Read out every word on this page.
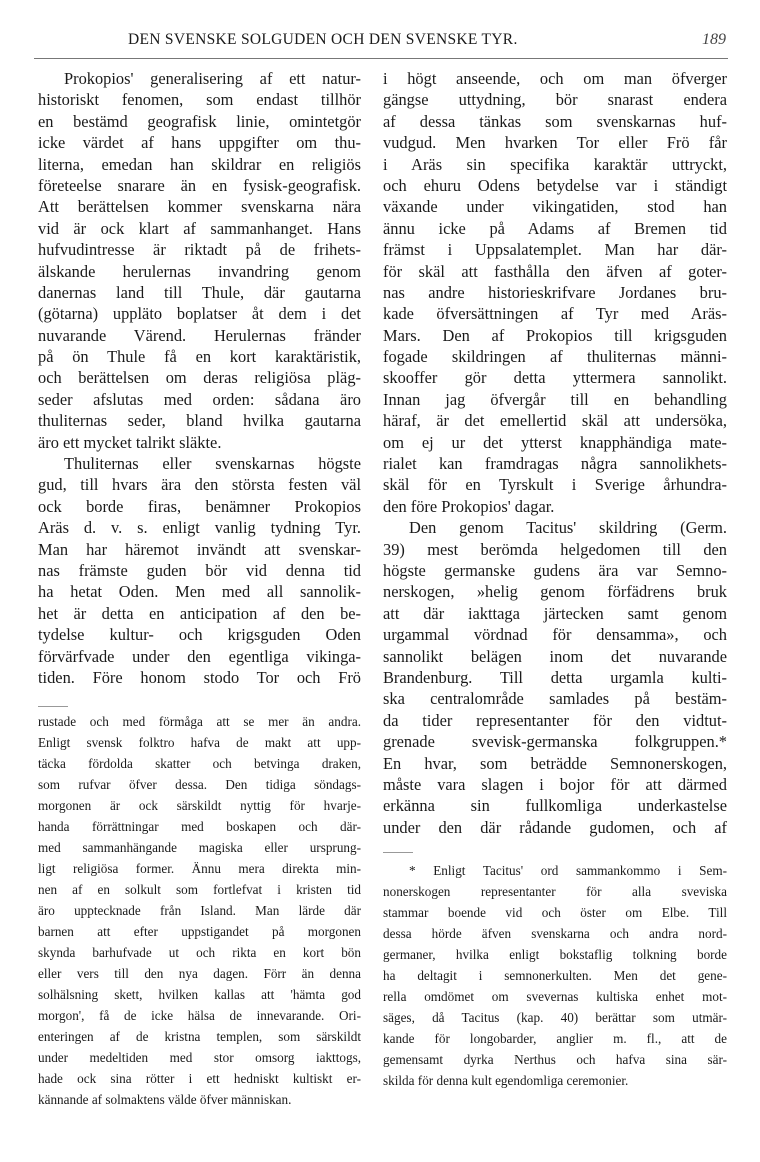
DEN SVENSKE SOLGUDEN OCH DEN SVENSKE TYR.	189
Prokopios' generalisering af ett natur-
historiskt fenomen, som endast tillhör
en bestämd geografisk linie, omintetgör
icke värdet af hans uppgifter om thu-
literna, emedan han skildrar en religiös
företeelse snarare än en fysisk-geografisk.
Att berättelsen kommer svenskarna nära
vid är ock klart af sammanhanget. Hans
hufvudintresse är riktadt på de frihets-
älskande herulernas invandring genom
danernas land till Thule, där gautarna
(götarna) uppläto boplatser åt dem i det
nuvarande Värend. Herulernas fränder
på ön Thule få en kort karaktäristik,
och berättelsen om deras religiösa pläg-
seder afslutas med orden: sådana äro
thuliternas seder, bland hvilka gautarna
äro ett mycket talrikt släkte.
Thuliternas eller svenskarnas högste
gud, till hvars ära den största festen väl
ock borde firas, benämner Prokopios
Aräs d. v. s. enligt vanlig tydning Tyr.
Man har häremot invändt att svenskar-
nas främste guden bör vid denna tid
ha hetat Oden. Men med all sannolik-
het är detta en anticipation af den be-
tydelse kultur- och krigsguden Oden
förvärfvade under den egentliga vikinga-
tiden. Före honom stodo Tor och Frö
rustade och med förmåga att se mer än andra.
Enligt svensk folktro hafva de makt att upp-
täcka fördolda skatter och betvinga draken,
som rufvar öfver dessa. Den tidiga söndags-
morgonen är ock särskildt nyttig för hvarje-
handa förrättningar med boskapen och där-
med sammanhängande magiska eller ursprung-
ligt religiösa former. Ännu mera direkta min-
nen af en solkult som fortlefvat i kristen tid
äro upptecknade från Island. Man lärde där
barnen att efter uppstigandet på morgonen
skynda barhufvade ut och rikta en kort bön
eller vers till den nya dagen. Förr än denna
solhälsning skett, hvilken kallas att 'hämta god
morgon', få de icke hälsa de innevarande. Ori-
enteringen af de kristna templen, som särskildt
under medeltiden med stor omsorg iakttogs,
hade ock sina rötter i ett hedniskt kultiskt er-
kännande af solmaktens välde öfver människan.
i högt anseende, och om man öfverger
gängse uttydning, bör snarast endera
af dessa tänkas som svenskarnas huf-
vudgud. Men hvarken Tor eller Frö får
i Aräs sin specifika karaktär uttryckt,
och ehuru Odens betydelse var i ständigt
växande under vikingatiden, stod han
ännu icke på Adams af Bremen tid
främst i Uppsalatemplet. Man har där-
för skäl att fasthålla den äfven af goter-
nas andre historieskrifvare Jordanes bru-
kade öfversättningen af Tyr med Aräs-
Mars. Den af Prokopios till krigsguden
fogade skildringen af thuliternas männi-
skooffer gör detta yttermera sannolikt.
Innan jag öfvergår till en behandling
häraf, är det emellertid skäl att undersöka,
om ej ur det ytterst knapphändiga mate-
rialet kan framdragas några sannolikhets-
skäl för en Tyrskult i Sverige århundra-
den före Prokopios' dagar.
Den genom Tacitus' skildring (Germ.
39) mest berömda helgedomen till den
högste germanske gudens ära var Semno-
nerskogen, »helig genom förfädrens bruk
att där iakttaga järtecken samt genom
urgammal vördnad för densamma», och
sannolikt belägen inom det nuvarande
Brandenburg. Till detta urgamla kulti-
ska centralområde samlades på bestäm-
da tider representanter för den vidtut-
grenade svevisk-germanska folkgruppen.*
En hvar, som beträdde Semnonerskogen,
måste vara slagen i bojor för att därmed
erkänna sin fullkomliga underkastelse
under den där rådande gudomen, och af
* Enligt Tacitus' ord sammankommo i Sem-
nonerskogen representanter för alla sveviska
stammar boende vid och öster om Elbe. Till
dessa hörde äfven svenskarna och andra nord-
germaner, hvilka enligt bokstaflig tolkning borde
ha deltagit i semnonerkulten. Men det gene-
rella omdömet om svevernas kultiska enhet mot-
säges, då Tacitus (kap. 40) berättar som utmär-
kande för longobarder, anglier m. fl., att de
gemensamt dyrka Nerthus och hafva sina sär-
skilda för denna kult egendomliga ceremonier.
